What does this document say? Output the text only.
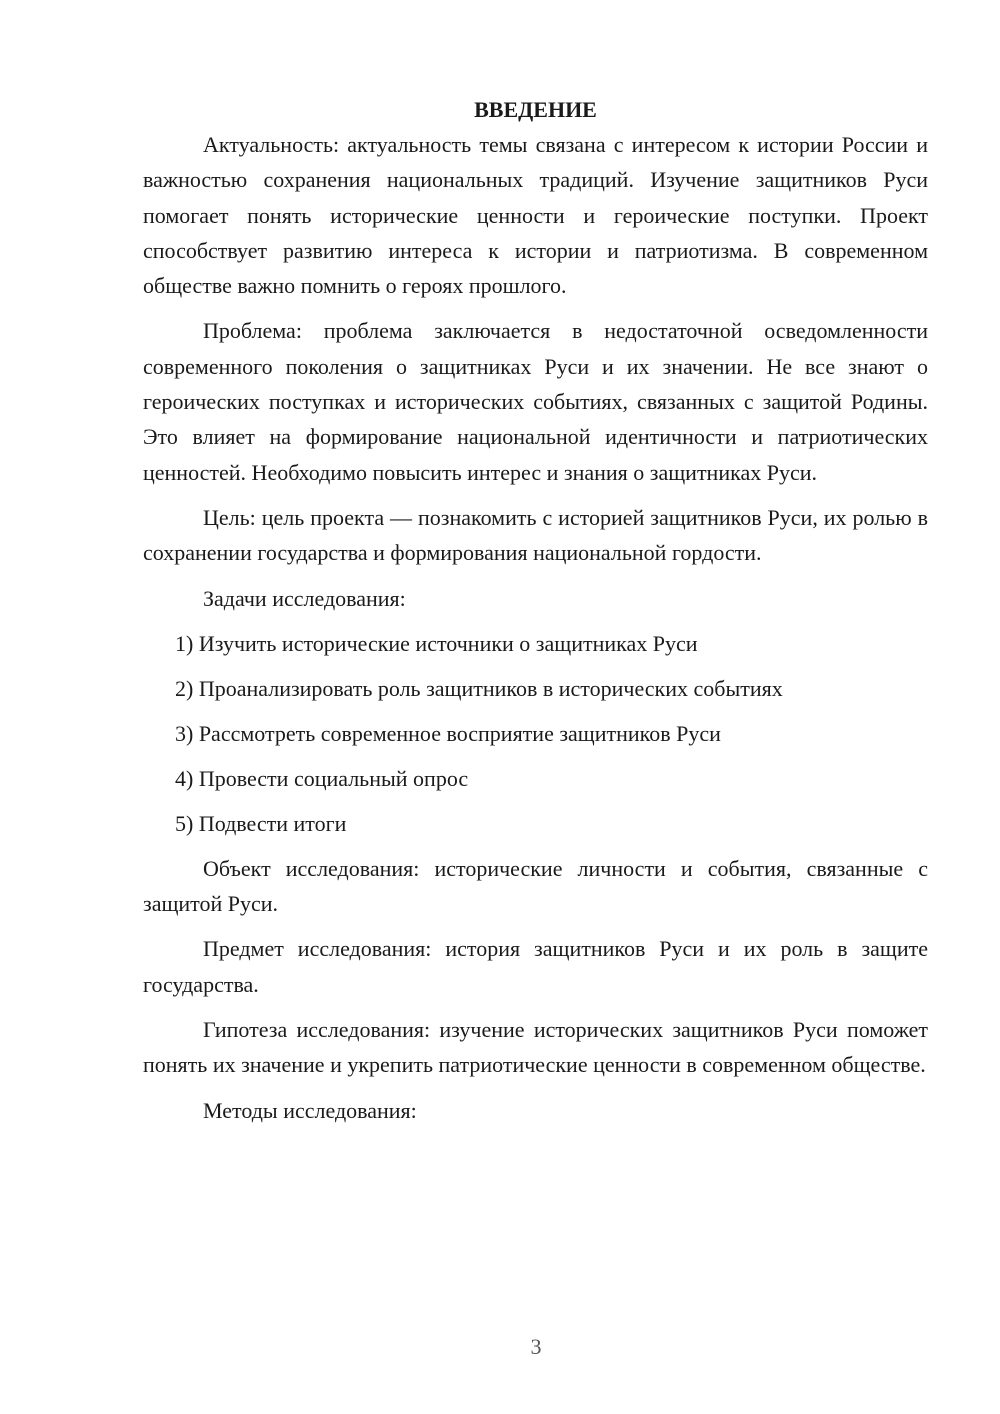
ВВЕДЕНИЕ

Актуальность: актуальность темы связана с интересом к истории России и важностью сохранения национальных традиций. Изучение защитников Руси помогает понять исторические ценности и героические поступки. Проект способствует развитию интереса к истории и патриотизма. В современном обществе важно помнить о героях прошлого.

Проблема: проблема заключается в недостаточной осведомленности современного поколения о защитниках Руси и их значении. Не все знают о героических поступках и исторических событиях, связанных с защитой Родины. Это влияет на формирование национальной идентичности и патриотических ценностей. Необходимо повысить интерес и знания о защитниках Руси.

Цель: цель проекта — познакомить с историей защитников Руси, их ролью в сохранении государства и формирования национальной гордости.

Задачи исследования:

1) Изучить исторические источники о защитниках Руси
2) Проанализировать роль защитников в исторических событиях
3) Рассмотреть современное восприятие защитников Руси
4) Провести социальный опрос
5) Подвести итоги

Объект исследования: исторические личности и события, связанные с защитой Руси.

Предмет исследования: история защитников Руси и их роль в защите государства.

Гипотеза исследования: изучение исторических защитников Руси поможет понять их значение и укрепить патриотические ценности в современном обществе.

Методы исследования:

3
